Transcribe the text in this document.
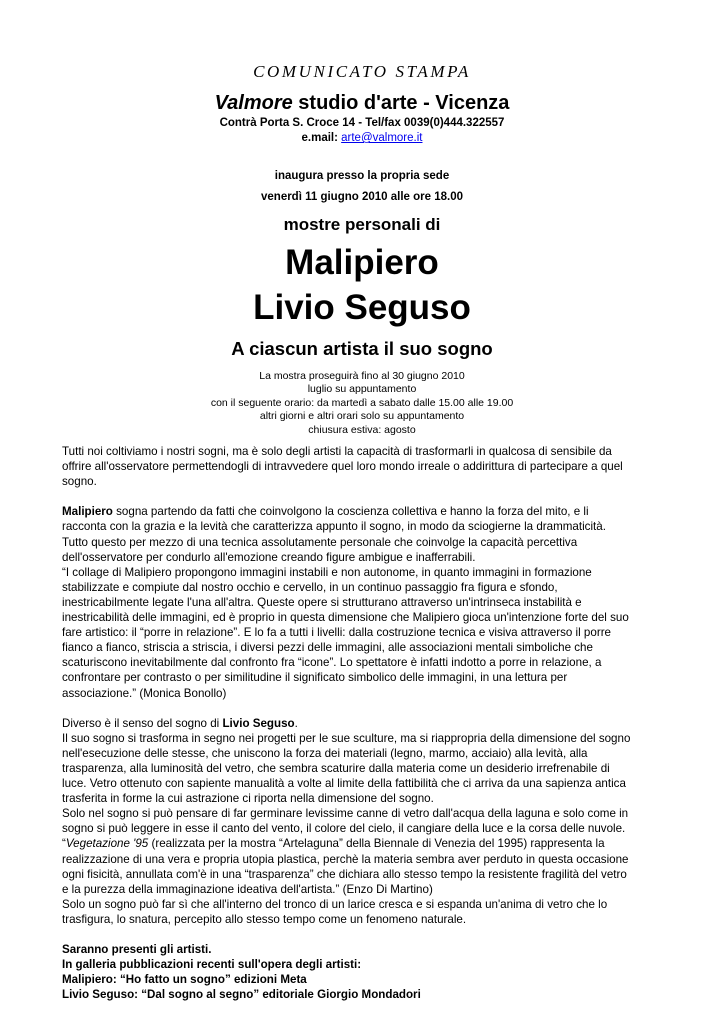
COMUNICATO STAMPA
Valmore studio d'arte - Vicenza
Contrà Porta S. Croce 14 - Tel/fax 0039(0)444.322557
e.mail: arte@valmore.it
inaugura presso la propria sede
venerdì 11 giugno 2010 alle ore 18.00
mostre personali di
Malipiero
Livio Seguso
A ciascun artista il suo sogno
La mostra proseguirà fino al 30 giugno 2010
luglio su appuntamento
con il seguente orario: da martedì a sabato dalle 15.00 alle 19.00
altri giorni e altri orari solo su appuntamento
chiusura estiva: agosto

Tutti noi coltiviamo i nostri sogni, ma è solo degli artisti la capacità di trasformarli in qualcosa di sensibile da
offrire all'osservatore permettendogli di intravvedere quel loro mondo irreale o addirittura di partecipare a quel
sogno.

Malipiero sogna partendo da fatti che coinvolgono la coscienza collettiva e hanno la forza del mito, e li
racconta con la grazia e la levità che caratterizza appunto il sogno, in modo da sciogierne la drammaticità.
Tutto questo per mezzo di una tecnica assolutamente personale che coinvolge la capacità percettiva
dell'osservatore per condurlo all'emozione creando figure ambigue e inafferrabili.
“I collage di Malipiero propongono immagini instabili e non autonome, in quanto immagini in formazione
stabilizzate e compiute dal nostro occhio e cervello, in un continuo passaggio fra figura e sfondo,
inestricabilmente legate l'una all'altra. Queste opere si strutturano attraverso un'intrinseca instabilità e
inestricabilità delle immagini, ed è proprio in questa dimensione che Malipiero gioca un'intenzione forte del suo
fare artistico: il “porre in relazione”. E lo fa a tutti i livelli: dalla costruzione tecnica e visiva attraverso il porre
fianco a fianco, striscia a striscia, i diversi pezzi delle immagini, alle associazioni mentali simboliche che
scaturiscono inevitabilmente dal confronto fra “icone”. Lo spettatore è infatti indotto a porre in relazione, a
confrontare per contrasto o per similitudine il significato simbolico delle immagini, in una lettura per
associazione.” (Monica Bonollo)

Diverso è il senso del sogno di Livio Seguso.
Il suo sogno si trasforma in segno nei progetti per le sue sculture, ma si riappropria della dimensione del sogno
nell'esecuzione delle stesse, che uniscono la forza dei materiali (legno, marmo, acciaio) alla levità, alla
trasparenza, alla luminosità del vetro, che sembra scaturire dalla materia come un desiderio irrefrenabile di
luce. Vetro ottenuto con sapiente manualità a volte al limite della fattibilità che ci arriva da una sapienza antica
trasferita in forme la cui astrazione ci riporta nella dimensione del sogno.
Solo nel sogno si può pensare di far germinare levissime canne di vetro dall'acqua della laguna e solo come in
sogno si può leggere in esse il canto del vento, il colore del cielo, il cangiare della luce e la corsa delle nuvole.
“Vegetazione '95 (realizzata per la mostra “Artelaguna” della Biennale di Venezia del 1995) rappresenta la
realizzazione di una vera e propria utopia plastica, perchè la materia sembra aver perduto in questa occasione
ogni fisicità, annullata com'è in una “trasparenza” che dichiara allo stesso tempo la resistente fragilità del vetro
e la purezza della immaginazione ideativa dell'artista.” (Enzo Di Martino)
Solo un sogno può far sì che all'interno del tronco di un larice cresca e si espanda un'anima di vetro che lo
trasfigura, lo snatura, percepito allo stesso tempo come un fenomeno naturale.

Saranno presenti gli artisti.
In galleria pubblicazioni recenti sull'opera degli artisti:
Malipiero: “Ho fatto un sogno” edizioni Meta
Livio Seguso: “Dal sogno al segno” editoriale Giorgio Mondadori
